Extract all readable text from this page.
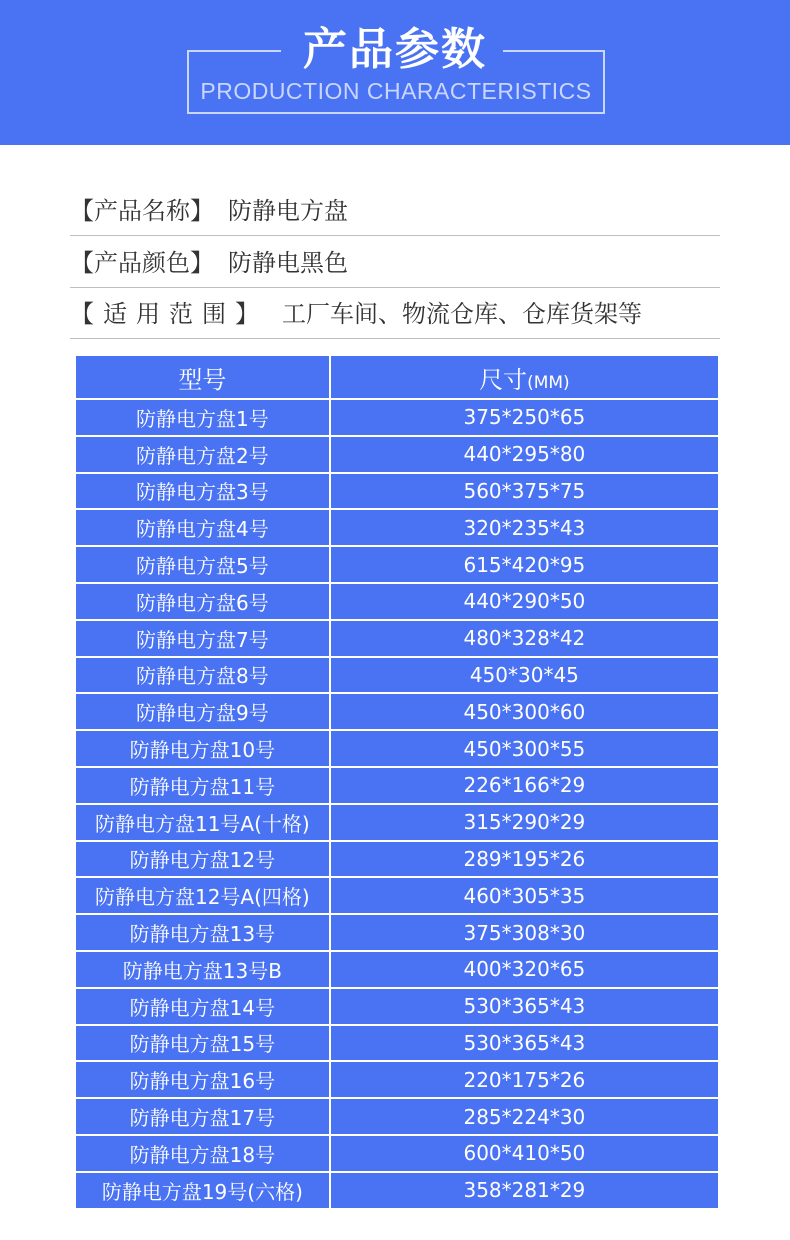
产品参数
PRODUCTION CHARACTERISTICS
【产品名称】 防静电方盘
【产品颜色】 防静电黑色
【适用范围】 工厂车间、物流仓库、仓库货架等
型号	尺寸(MM)
防静电方盘1号	375*250*65
防静电方盘2号	440*295*80
防静电方盘3号	560*375*75
防静电方盘4号	320*235*43
防静电方盘5号	615*420*95
防静电方盘6号	440*290*50
防静电方盘7号	480*328*42
防静电方盘8号	450*30*45
防静电方盘9号	450*300*60
防静电方盘10号	450*300*55
防静电方盘11号	226*166*29
防静电方盘11号A(十格)	315*290*29
防静电方盘12号	289*195*26
防静电方盘12号A(四格)	460*305*35
防静电方盘13号	375*308*30
防静电方盘13号B	400*320*65
防静电方盘14号	530*365*43
防静电方盘15号	530*365*43
防静电方盘16号	220*175*26
防静电方盘17号	285*224*30
防静电方盘18号	600*410*50
防静电方盘19号(六格)	358*281*29
